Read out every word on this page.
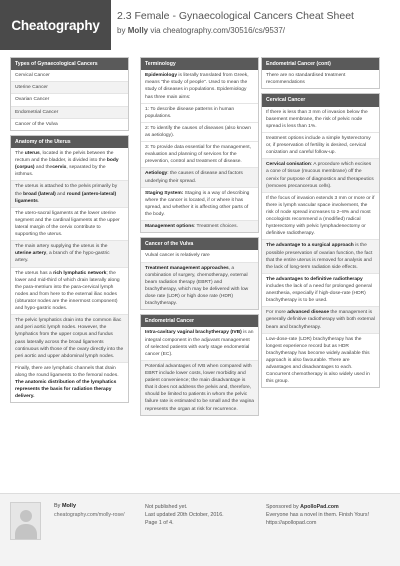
Cheatography
2.3 Female - Gynaecological Cancers Cheat Sheet
by Molly via cheatography.com/30516/cs/9537/
Types of Gynaecological Cancers
Cervical Cancer
Uterine Cancer
Ovarian Cancer
Endometrial Cancer
Cancer of the Vulva
Anatomy of the Uterus
The uterus, located in the pelvis between the rectum and the bladder, is divided into the body (corpus) and thecervix, separated by the isthmus.
The uterus is attached to the pelvis primarily by the broad (lateral) and round (antero-lateral) ligaments.
The utero-sacral ligaments at the lower uterine segment and the cardinal ligaments at the upper lateral margin of the cervix contribute to supporting the uterus.
The main artery supplying the uterus is the uterine artery, a branch of the hypo-gastric artery.
The uterus has a rich lymphatic network; the lower and mid-third of which drain laterally along the para-metrium into the para-cervical lymph nodes and from here to the external iliac nodes (obturator nodes are the innermost component) and hypo-gastric nodes.
The pelvic lymphatics drain into the common iliac and peri aortic lymph nodes. However, the lymphatics from the upper corpus and fundus pass laterally across the broad ligaments continuous with those of the ovary directly into the peri aortic and upper abdominal lymph nodes.
Finally, there are lymphatic channels that drain along the round ligaments to the femoral nodes. The anatomic distribution of the lymphatics represents the basis for radiation therapy delivery.
Terminology
Epidemiology is literally translated from Greek, means "the study of people". Used to mean the study of diseases in populations. Epidemiology has three main aims:
1: To describe disease patterns in human populations.
2: To identify the causes of diseases (also known as aetiology).
3: To provide data essential for the management, evaluation and planning of services for the prevention, control and treatment of disease.
Aetiology: the causes of disease and factors underlying their spread.
Staging System: Staging is a way of describing where the cancer is located, if or where it has spread, and whether it is affecting other parts of the body.
Management options: Treatment choices.
Cancer of the Vulva
Vulval cancer is relatively rare
Treatment management approaches, a combination of surgery, chemotherapy, external beam radiation therapy (EBRT) and brachytherapy, which may be delivered with low dose rate (LDR) or high dose rate (HDR) brachytherapy.
Endometrial Cancer
Intra-cavitary vaginal brachytherapy (IVB) is an integral component in the adjuvant management of selected patients with early stage endometrial cancer (EC).
Potential advantages of IVB when compared with EBRT include lower costs, lower morbidity and patient convenience; the main disadvantage is that it does not address the pelvis and, therefore, should be limited to patients in whom the pelvic failure rate is estimated to be small and the vagina represents the organ at risk for recurrence.
Endometrial Cancer (cont)
There are no standardised treatment recommendations
Cervical Cancer
If there is less than 3 mm of invasion below the basement membrane, the risk of pelvic node spread is less than 1%.
treatment options include a simple hysterectomy or, if preservation of fertility is desired, cervical conization and careful follow-up.
Cervical conisation: A procedure which excises a cone of tissue (mucous membrane) off the cervix for purpose of diagnostics and therapeutics (removes precancerous cells).
If the focus of invasion extends 3 mm or more or if there is lymph vascular space involvement, the risk of node spread increases to 2–8% and most oncologists recommend a (modified) radical hysterectomy with pelvic lymphadenectomy or definitive radiotherapy.
The advantage to a surgical approach is the possible preservation of ovarian function, the fact that the entire uterus is removed for analysis and the lack of long-term radiation side effects.
The advantages to definitive radiotherapy includes the lack of a need for prolonged general anesthesia, especially if high-dose-rate (HDR) brachytherapy is to be used.
For more advanced disease the management is generally definitive radiotherapy with both external beam and brachytherapy.
Low-dose-rate (LDR) brachytherapy has the longest experience record but as HDR brachytherapy has become widely available this approach is also favourable. There are advantages and disadvantages to each. Concurrent chemotherapy is also widely used in this group.
By Molly
cheatography.com/molly-rose/
Not published yet.
Last updated 20th October, 2016.
Page 1 of 4.
Sponsored by ApolloPad.com
Everyone has a novel in them. Finish Yours!
https://apollopad.com
